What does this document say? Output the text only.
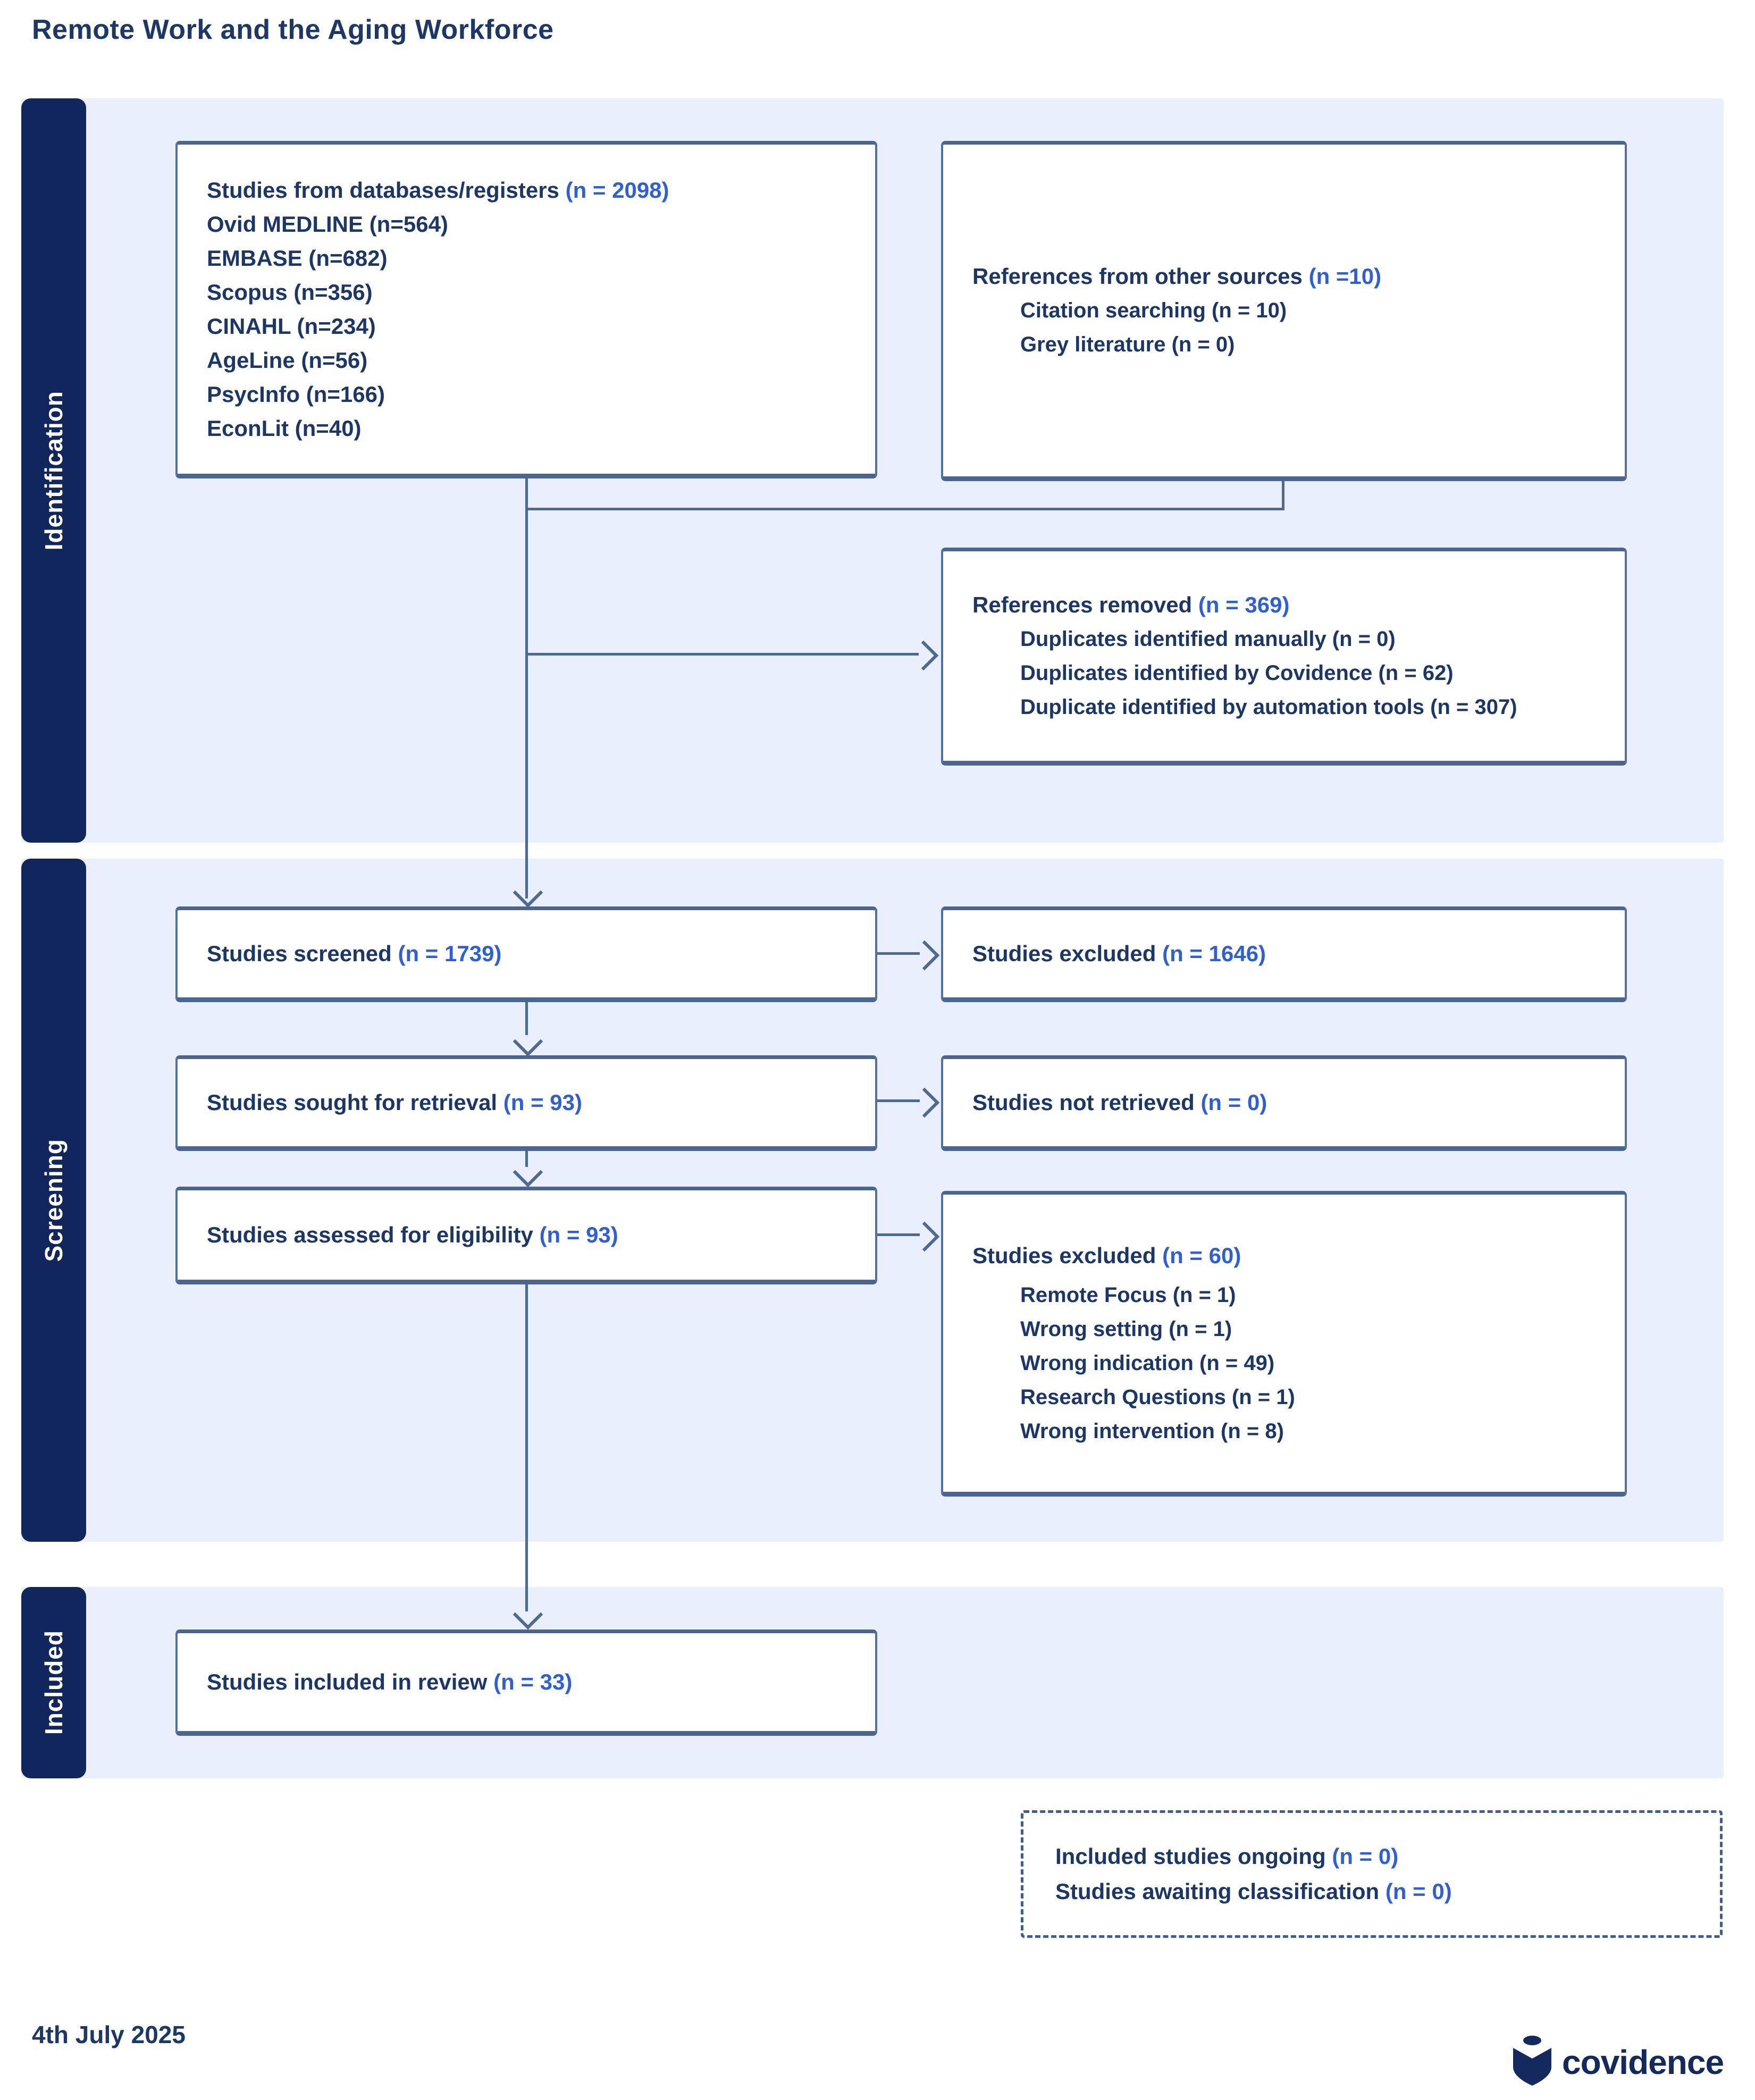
Remote Work and the Aging Workforce
Identification
Screening
Included
Studies from databases/registers (n = 2098)
Ovid MEDLINE (n=564)
EMBASE (n=682)
Scopus (n=356)
CINAHL (n=234)
AgeLine (n=56)
PsycInfo (n=166)
EconLit (n=40)
References from other sources (n =10)
Citation searching (n = 10)
Grey literature (n = 0)
References removed (n = 369)
Duplicates identified manually (n = 0)
Duplicates identified by Covidence (n = 62)
Duplicate identified by automation tools (n = 307)
Studies screened (n = 1739)	Studies excluded (n = 1646)
Studies sought for retrieval (n = 93)	Studies not retrieved (n = 0)
Studies assessed for eligibility (n = 93)
Studies excluded (n = 60)
Remote Focus (n = 1)
Wrong setting (n = 1)
Wrong indication (n = 49)
Research Questions (n = 1)
Wrong intervention (n = 8)
Studies included in review (n = 33)
Included studies ongoing (n = 0)
Studies awaiting classification (n = 0)
4th July 2025
covidence
